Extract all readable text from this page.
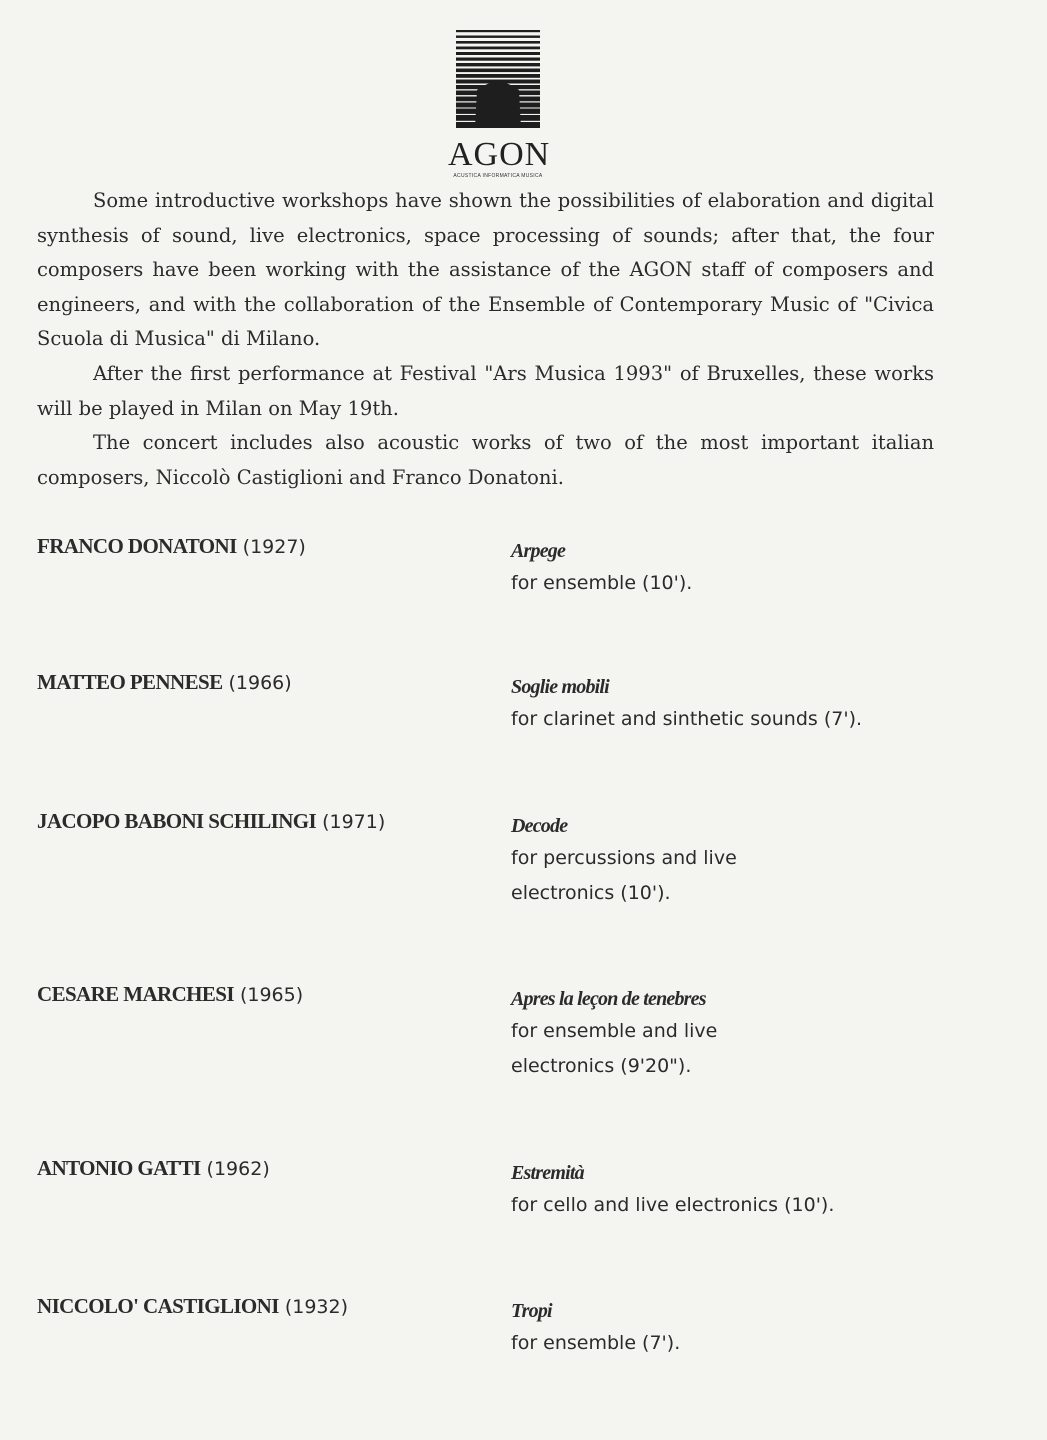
AGON
ACUSTICA INFORMATICA MUSICA

Some introductive workshops have shown the possibilities of elaboration and digital synthesis of sound, live electronics, space processing of sounds; after that, the four composers have been working with the assistance of the AGON staff of composers and engineers, and with the collaboration of the Ensemble of Contemporary Music of "Civica Scuola di Musica" di Milano.

After the first performance at Festival "Ars Musica 1993" of Bruxelles, these works will be played in Milan on May 19th.

The concert includes also acoustic works of two of the most important italian composers, Niccolò Castiglioni and Franco Donatoni.

FRANCO DONATONI (1927)	Arpege
for ensemble (10').
MATTEO PENNESE (1966)	Soglie mobili
for clarinet and sinthetic sounds (7').
JACOPO BABONI SCHILINGI (1971)	Decode
for percussions and live
electronics (10').
CESARE MARCHESI (1965)	Apres la leçon de tenebres
for ensemble and live
electronics (9'20").
ANTONIO GATTI (1962)	Estremità
for cello and live electronics (10').
NICCOLO' CASTIGLIONI (1932)	Tropi
for ensemble (7').
